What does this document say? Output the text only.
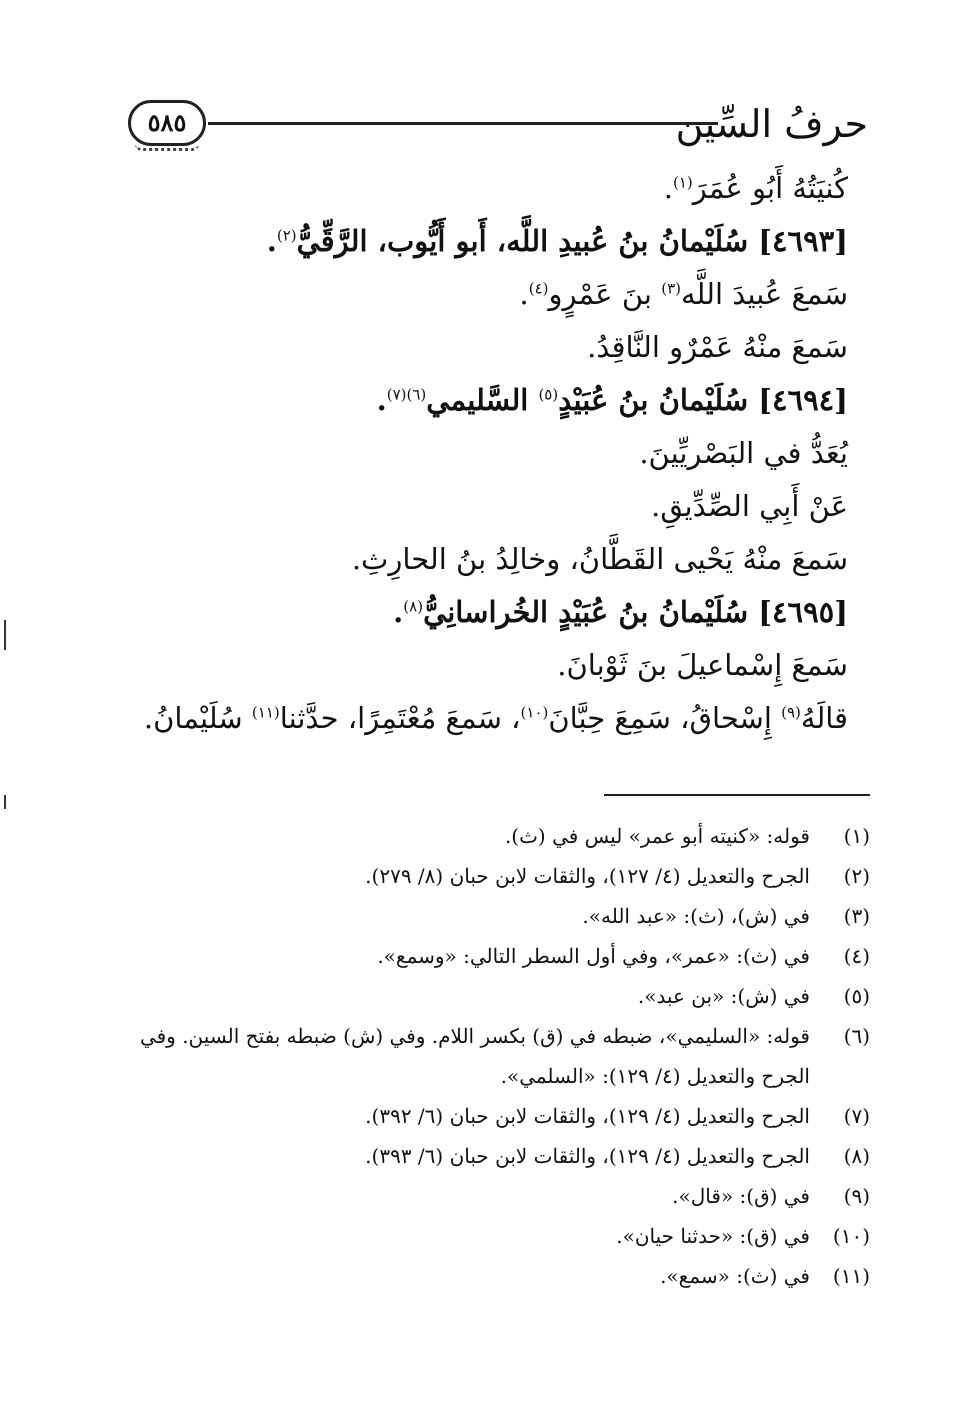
حرفُ السِّين
٥٨٥
كُنيَتُهُ أَبُو عُمَرَ$^{(١)}$.
[٤٦٩٣] سُلَيْمانُ بنُ عُبيدِ اللَّه، أَبو أَيُّوب، الرَّقِّيُّ$^{(٢)}$.
سَمعَ عُبيدَ اللَّه$^{(٣)}$ بنَ عَمْرٍو$^{(٤)}$.
سَمعَ منْهُ عَمْرٌو النَّاقِدُ.
[٤٦٩٤] سُلَيْمانُ بنُ عُبَيْدٍ$^{(٥)}$ السَّليمي$^{(٦)(٧)}$.
يُعَدُّ في البَصْريِّينَ.
عَنْ أَبِي الصِّدِّيقِ.
سَمعَ منْهُ يَحْيى القَطَّانُ، وخالِدُ بنُ الحارِثِ.
[٤٦٩٥] سُلَيْمانُ بنُ عُبَيْدٍ الخُراسانِيُّ$^{(٨)}$.
سَمعَ إِسْماعيلَ بنَ ثَوْبانَ.
قالَهُ$^{(٩)}$ إِسْحاقُ، سَمِعَ حِبَّانَ$^{(١٠)}$، سَمعَ مُعْتَمِرًا، حدَّثنا$^{(١١)}$ سُلَيْمانُ.
(١)
قوله: «كنيته أبو عمر» ليس في (ث).
(٢)
الجرح والتعديل (٤/ ١٢٧)، والثقات لابن حبان (٨/ ٢٧٩).
(٣)
في (ش)، (ث): «عبد الله».
(٤)
في (ث): «عمر»، وفي أول السطر التالي: «وسمع».
(٥)
في (ش): «بن عبد».
(٦)
قوله: «السليمي»، ضبطه في (ق) بكسر اللام. وفي (ش) ضبطه بفتح السين. وفي الجرح والتعديل (٤/ ١٢٩): «السلمي».
(٧)
الجرح والتعديل (٤/ ١٢٩)، والثقات لابن حبان (٦/ ٣٩٢).
(٨)
الجرح والتعديل (٤/ ١٢٩)، والثقات لابن حبان (٦/ ٣٩٣).
(٩)
في (ق): «قال».
(١٠)
في (ق): «حدثنا حيان».
(١١)
في (ث): «سمع».
